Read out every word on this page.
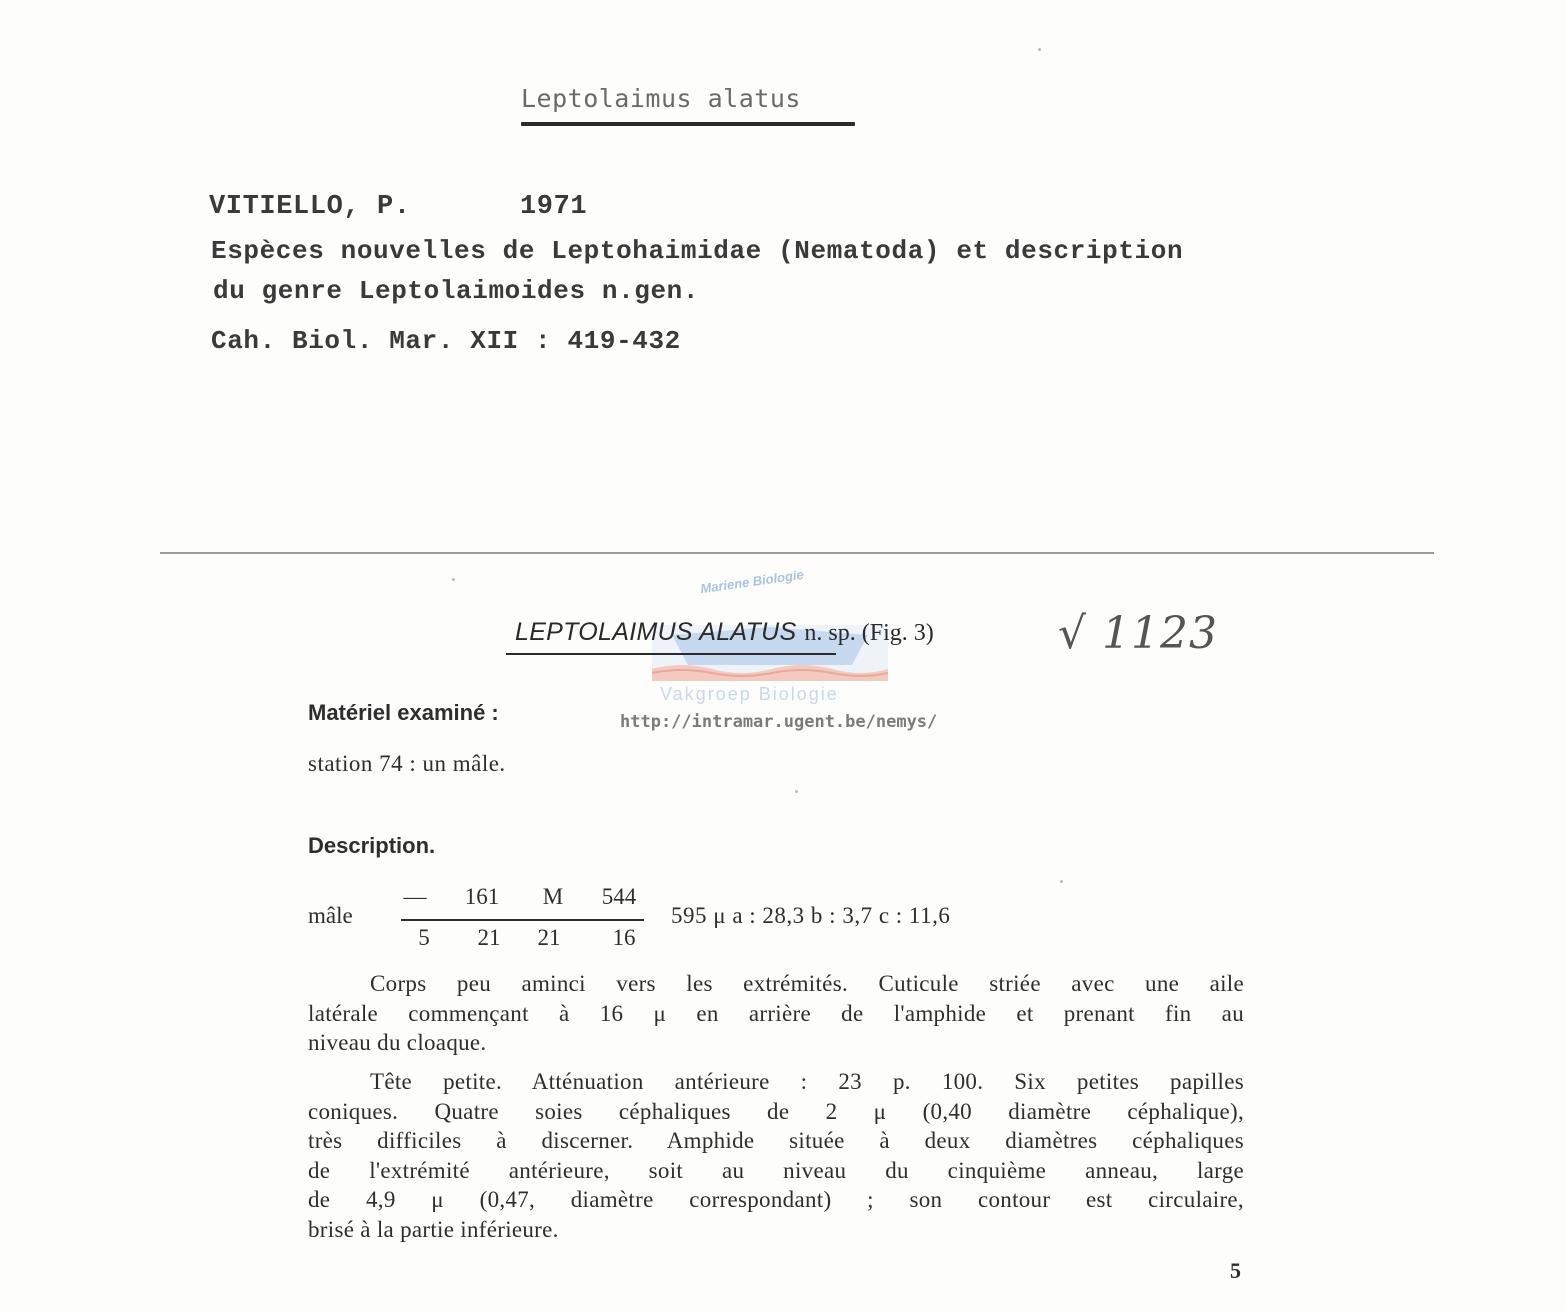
Leptolaimus alatus
VITIELLO, P.	1971
Espèces nouvelles de Leptohaimidae (Nematoda) et description
du genre Leptolaimoides n.gen.
Cah. Biol. Mar. XII : 419-432
Mariene Biologie
Vakgroep Biologie
http://intramar.ugent.be/nemys/
LEPTOLAIMUS ALATUS n. sp. (Fig. 3)	√ 1123
Matériel examiné :
station 74 : un mâle.
Description.
mâle
—	161	M	544
5	21	21	16
595 μ a : 28,3 b : 3,7 c : 11,6
Corps peu aminci vers les extrémités. Cuticule striée avec une aile
latérale commençant à 16 μ en arrière de l'amphide et prenant fin au
niveau du cloaque.
Tête petite. Atténuation antérieure : 23 p. 100. Six petites papilles
coniques. Quatre soies céphaliques de 2 μ (0,40 diamètre céphalique),
très difficiles à discerner. Amphide située à deux diamètres céphaliques
de l'extrémité antérieure, soit au niveau du cinquième anneau, large
de 4,9 μ (0,47, diamètre correspondant) ; son contour est circulaire,
brisé à la partie inférieure.
5
